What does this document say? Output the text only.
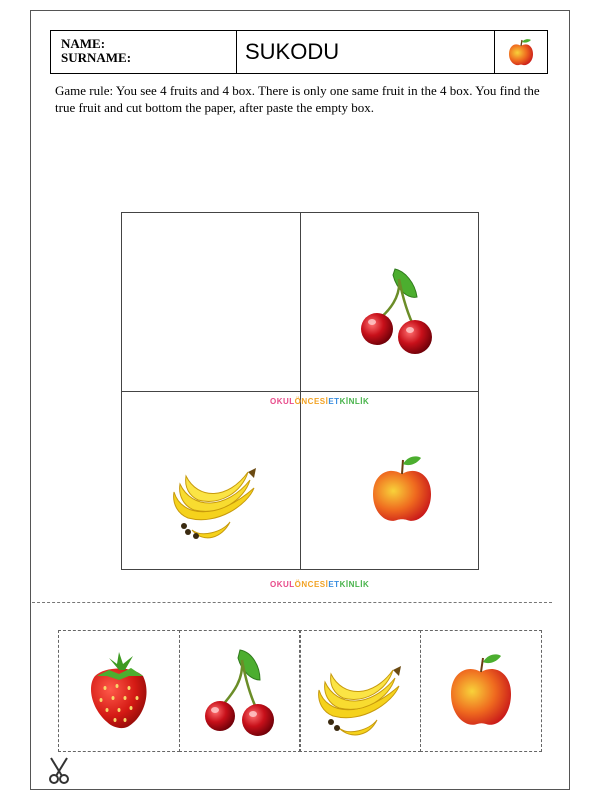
NAME:
SURNAME:	SUKODU
Game rule: You see 4 fruits and 4 box. There is only one same fruit in the 4 box. You find the true fruit and cut bottom the paper, after paste the empty box.
OKULÖNCESİETKİNLİK
OKULÖNCESİETKİNLİK
